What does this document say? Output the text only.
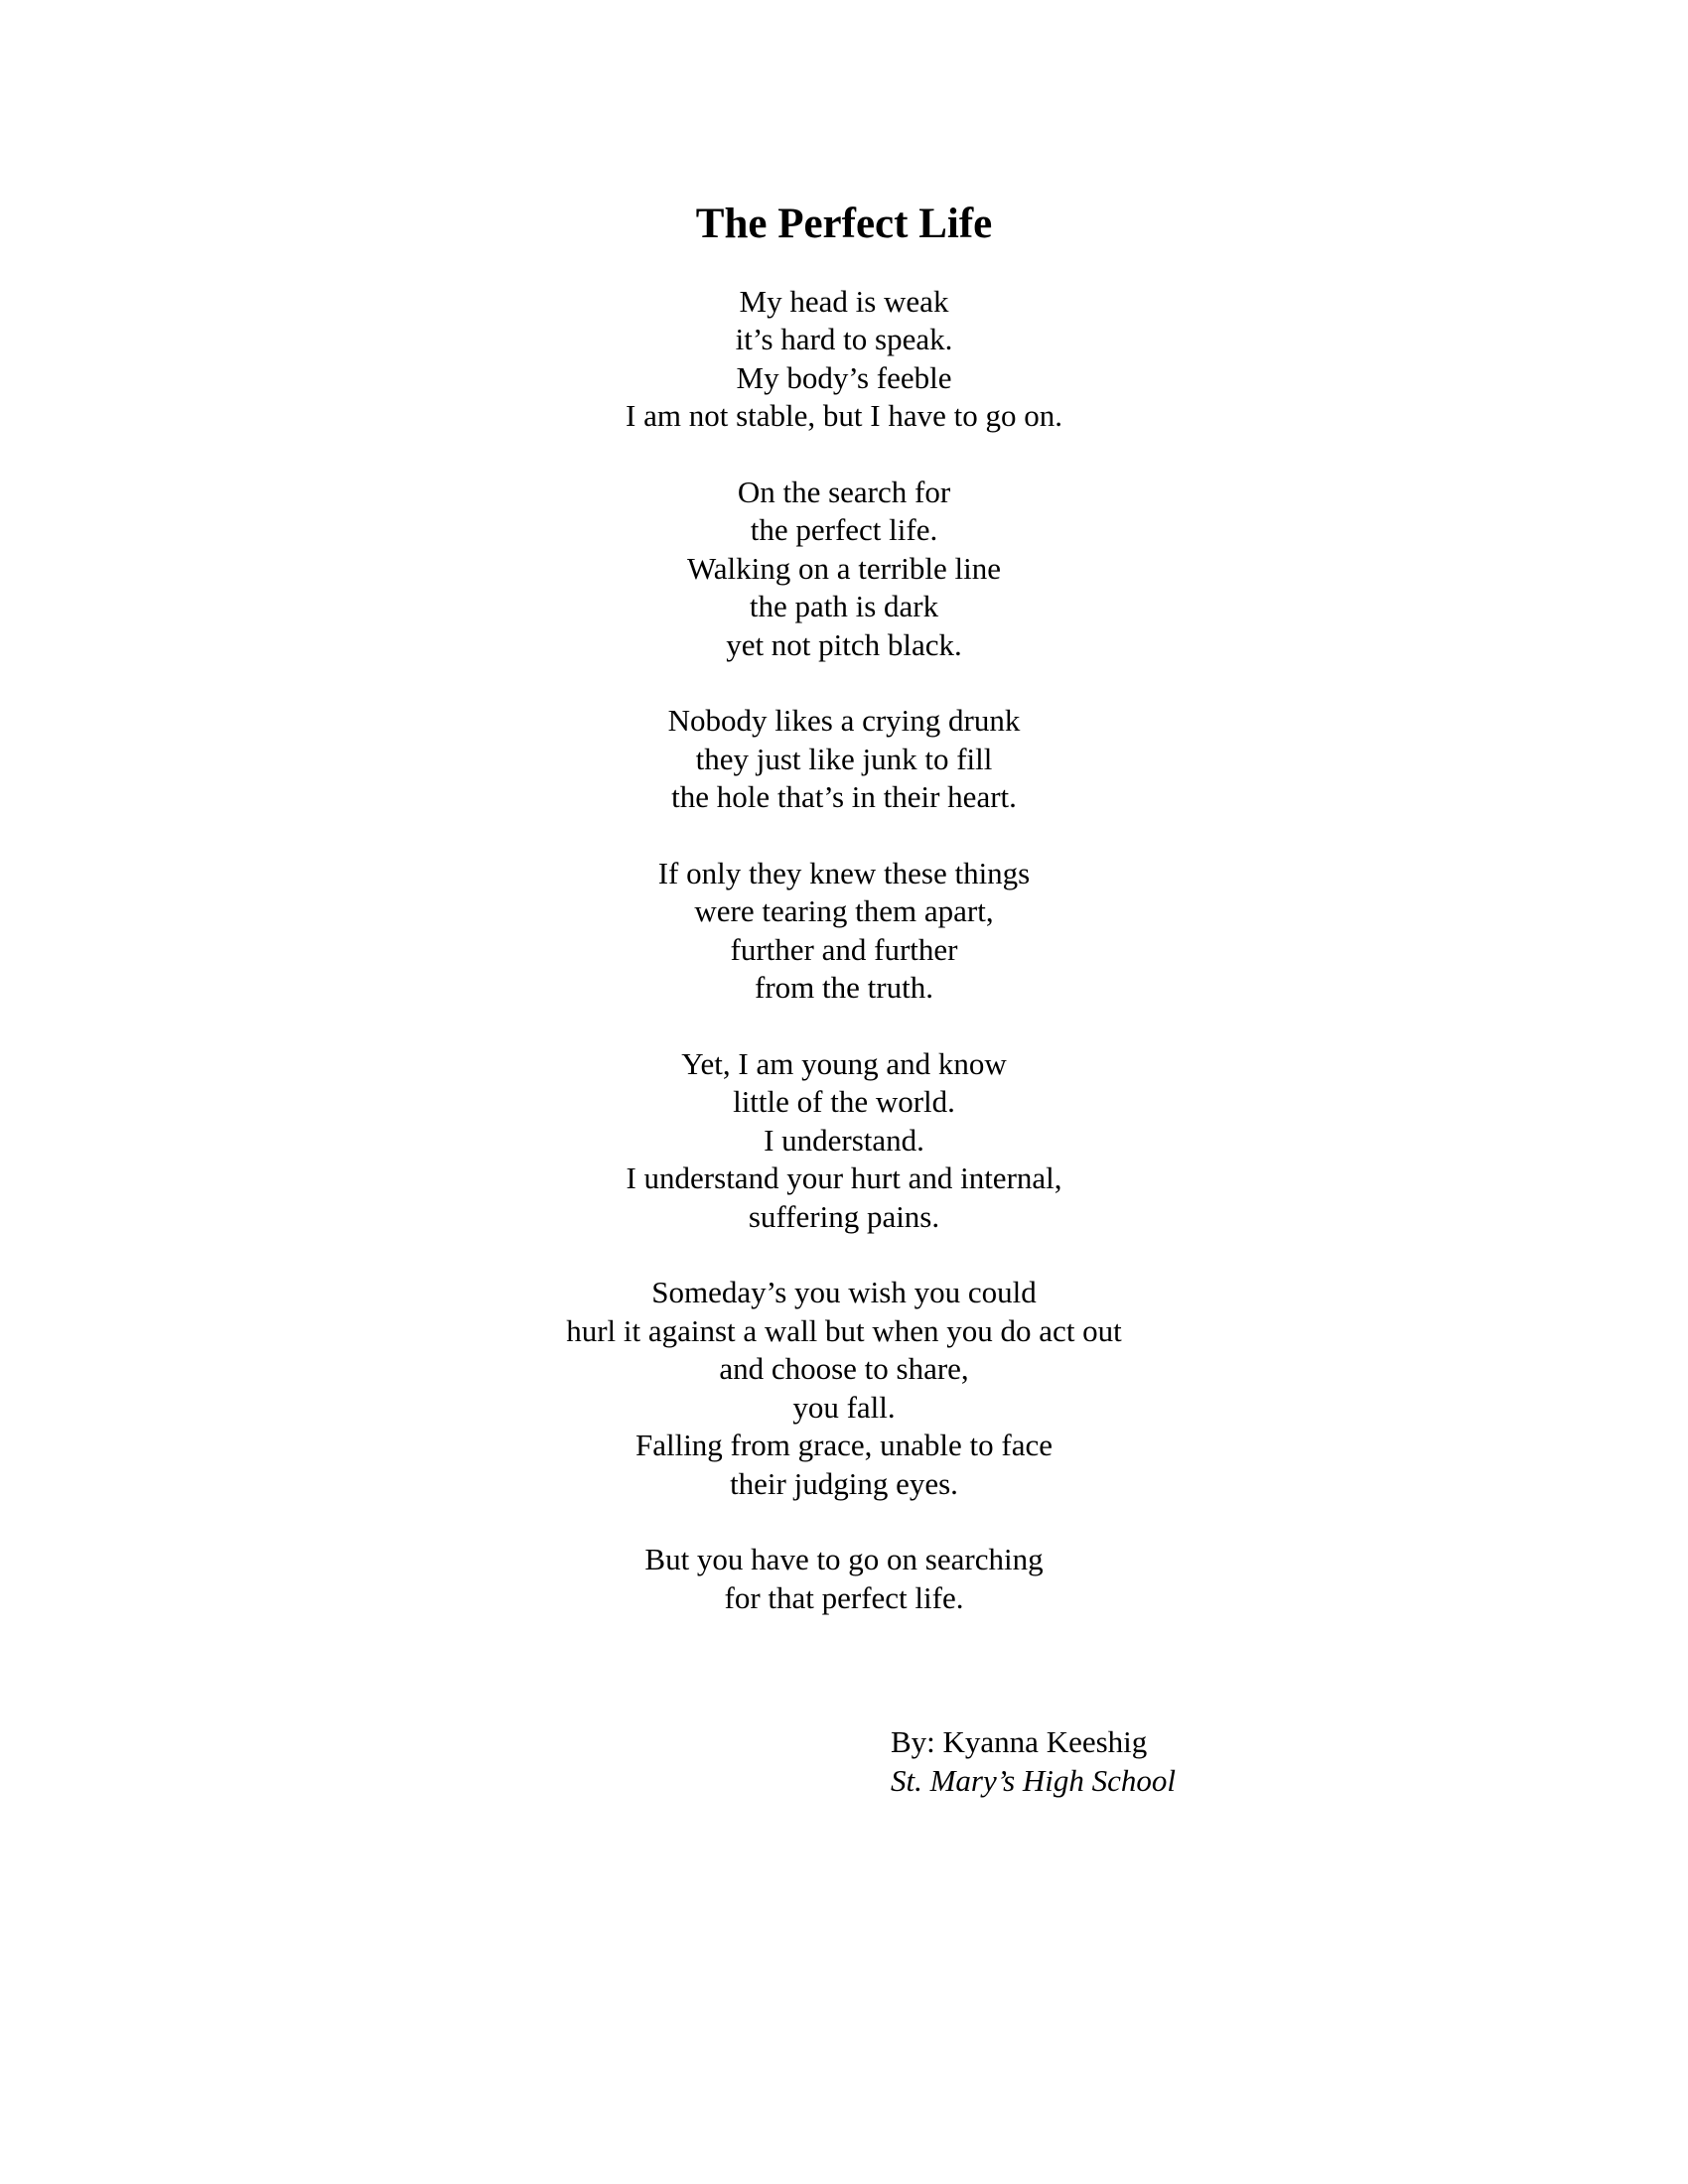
The Perfect Life
My head is weak
it’s hard to speak.
My body’s feeble
I am not stable, but I have to go on.
On the search for
the perfect life.
Walking on a terrible line
the path is dark
yet not pitch black.
Nobody likes a crying drunk
they just like junk to fill
the hole that’s in their heart.
If only they knew these things
were tearing them apart,
further and further
from the truth.
Yet, I am young and know
little of the world.
I understand.
I understand your hurt and internal,
suffering pains.
Someday’s you wish you could
hurl it against a wall but when you do act out
and choose to share,
you fall.
Falling from grace, unable to face
their judging eyes.
But you have to go on searching
for that perfect life.
By: Kyanna Keeshig
St. Mary’s High School
